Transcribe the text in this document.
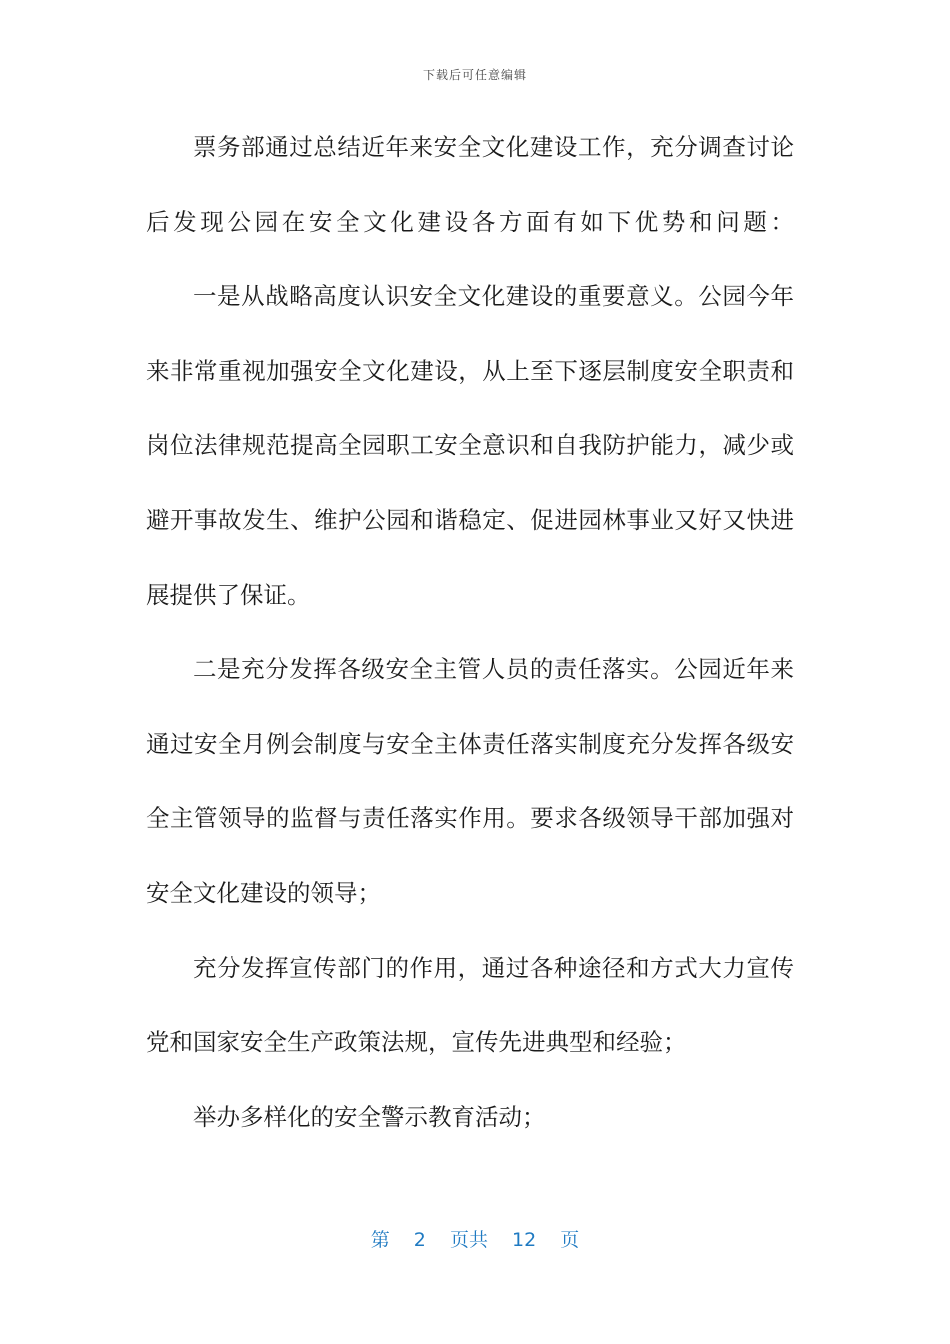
下载后可任意编辑
票务部通过总结近年来安全文化建设工作，充分调查讨论
后发现公园在安全文化建设各方面有如下优势和问题：
一是从战略高度认识安全文化建设的重要意义。公园今年
来非常重视加强安全文化建设，从上至下逐层制度安全职责和
岗位法律规范提高全园职工安全意识和自我防护能力，减少或
避开事故发生、维护公园和谐稳定、促进园林事业又好又快进
展提供了保证。
二是充分发挥各级安全主管人员的责任落实。公园近年来
通过安全月例会制度与安全主体责任落实制度充分发挥各级安
全主管领导的监督与责任落实作用。要求各级领导干部加强对
安全文化建设的领导；
充分发挥宣传部门的作用，通过各种途径和方式大力宣传
党和国家安全生产政策法规，宣传先进典型和经验；
举办多样化的安全警示教育活动；
第 2 页共 12 页
